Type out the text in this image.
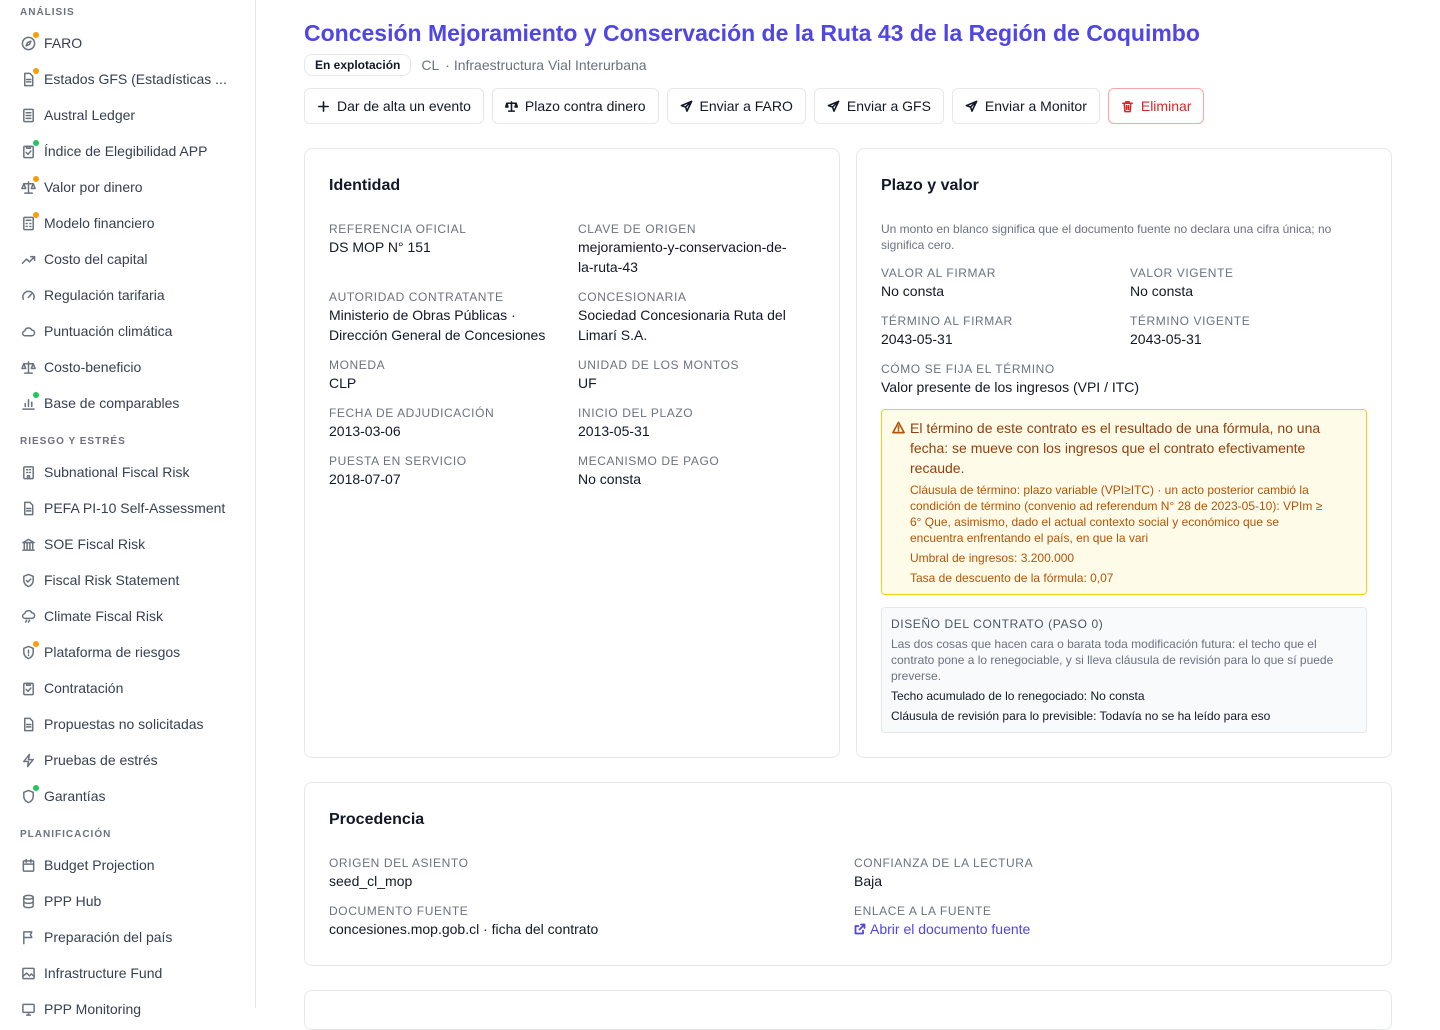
ANÁLISIS
FARO
Estados GFS (Estadísticas ...
Austral Ledger
Índice de Elegibilidad APP
Valor por dinero
Modelo financiero
Costo del capital
Regulación tarifaria
Puntuación climática
Costo-beneficio
Base de comparables
RIESGO Y ESTRÉS
Subnational Fiscal Risk
PEFA PI-10 Self-Assessment
SOE Fiscal Risk
Fiscal Risk Statement
Climate Fiscal Risk
Plataforma de riesgos
Contratación
Propuestas no solicitadas
Pruebas de estrés
Garantías
PLANIFICACIÓN
Budget Projection
PPP Hub
Preparación del país
Infrastructure Fund
PPP Monitoring
Concesión Mejoramiento y Conservación de la Ruta 43 de la Región de Coquimbo
En explotación	CL · Infraestructura Vial Interurbana
Dar de alta un evento	Plazo contra dinero	Enviar a FARO	Enviar a GFS	Enviar a Monitor	Eliminar
Identidad
REFERENCIA OFICIAL
DS MOP N° 151
CLAVE DE ORIGEN
mejoramiento-y-conservacion-de-
la-ruta-43
AUTORIDAD CONTRATANTE
Ministerio de Obras Públicas ·
Dirección General de Concesiones
CONCESIONARIA
Sociedad Concesionaria Ruta del
Limarí S.A.
MONEDA
CLP
UNIDAD DE LOS MONTOS
UF
FECHA DE ADJUDICACIÓN
2013-03-06
INICIO DEL PLAZO
2013-05-31
PUESTA EN SERVICIO
2018-07-07
MECANISMO DE PAGO
No consta
Plazo y valor
Un monto en blanco significa que el documento fuente no declara una cifra única; no
significa cero.
VALOR AL FIRMAR
No consta
VALOR VIGENTE
No consta
TÉRMINO AL FIRMAR
2043-05-31
TÉRMINO VIGENTE
2043-05-31
CÓMO SE FIJA EL TÉRMINO
Valor presente de los ingresos (VPI / ITC)
El término de este contrato es el resultado de una fórmula, no una
fecha: se mueve con los ingresos que el contrato efectivamente
recaude.
Cláusula de término: plazo variable (VPI≥ITC) · un acto posterior cambió la
condición de término (convenio ad referendum N° 28 de 2023-05-10): VPIm ≥
6° Que, asimismo, dado el actual contexto social y económico que se
encuentra enfrentando el país, en que la vari
Umbral de ingresos: 3.200.000
Tasa de descuento de la fórmula: 0,07
DISEÑO DEL CONTRATO (PASO 0)
Las dos cosas que hacen cara o barata toda modificación futura: el techo que el
contrato pone a lo renegociable, y si lleva cláusula de revisión para lo que sí puede
preverse.
Techo acumulado de lo renegociado: No consta
Cláusula de revisión para lo previsible: Todavía no se ha leído para eso
Procedencia
ORIGEN DEL ASIENTO
seed_cl_mop
CONFIANZA DE LA LECTURA
Baja
DOCUMENTO FUENTE
concesiones.mop.gob.cl · ficha del contrato
ENLACE A LA FUENTE
Abrir el documento fuente
